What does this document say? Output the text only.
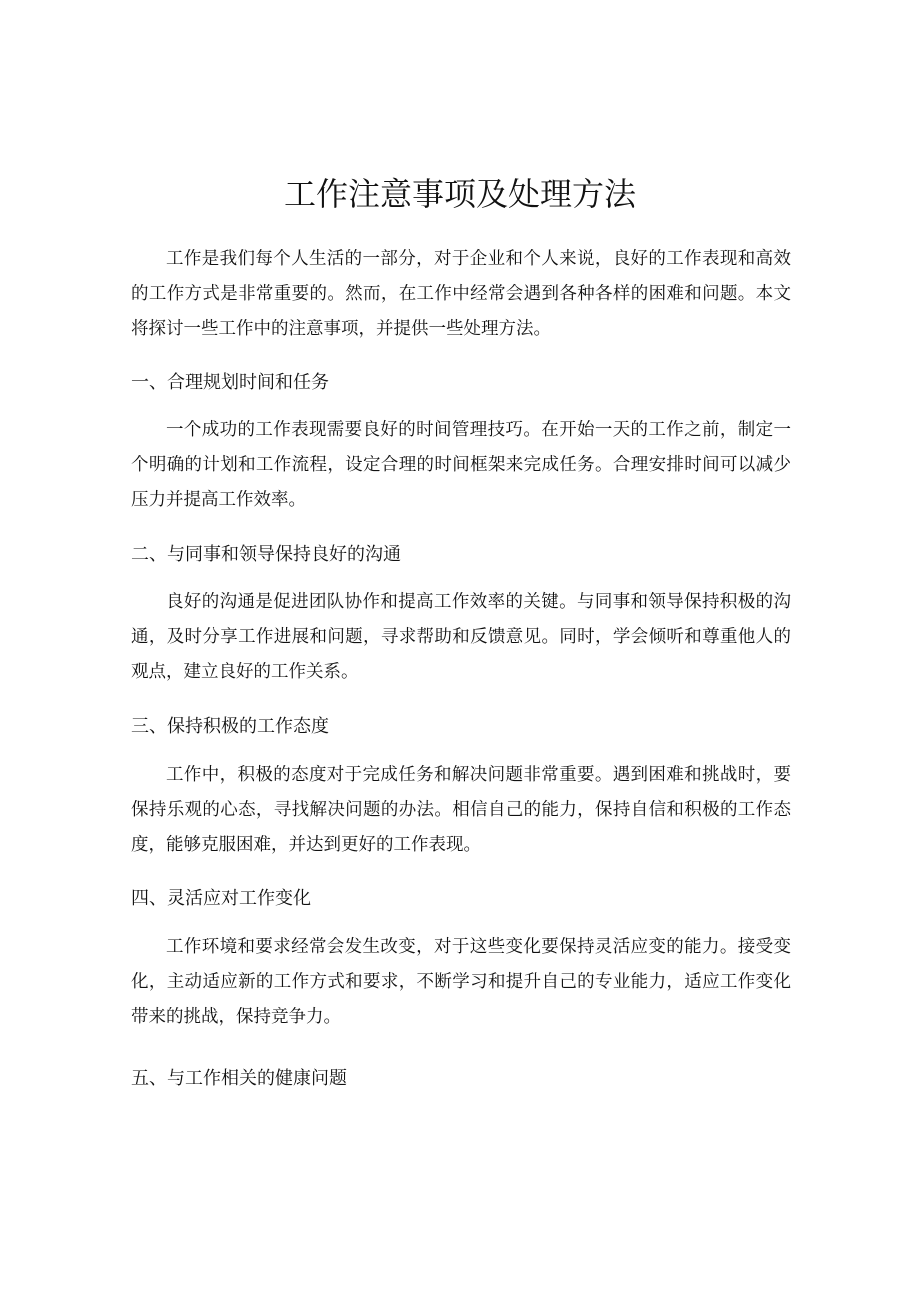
工作注意事项及处理方法

工作是我们每个人生活的一部分，对于企业和个人来说，良好的工作表现和高效的工作方式是非常重要的。然而，在工作中经常会遇到各种各样的困难和问题。本文将探讨一些工作中的注意事项，并提供一些处理方法。

一、合理规划时间和任务

一个成功的工作表现需要良好的时间管理技巧。在开始一天的工作之前，制定一个明确的计划和工作流程，设定合理的时间框架来完成任务。合理安排时间可以减少压力并提高工作效率。

二、与同事和领导保持良好的沟通

良好的沟通是促进团队协作和提高工作效率的关键。与同事和领导保持积极的沟通，及时分享工作进展和问题，寻求帮助和反馈意见。同时，学会倾听和尊重他人的观点，建立良好的工作关系。

三、保持积极的工作态度

工作中，积极的态度对于完成任务和解决问题非常重要。遇到困难和挑战时，要保持乐观的心态，寻找解决问题的办法。相信自己的能力，保持自信和积极的工作态度，能够克服困难，并达到更好的工作表现。

四、灵活应对工作变化

工作环境和要求经常会发生改变，对于这些变化要保持灵活应变的能力。接受变化，主动适应新的工作方式和要求，不断学习和提升自己的专业能力，适应工作变化带来的挑战，保持竞争力。

五、与工作相关的健康问题
